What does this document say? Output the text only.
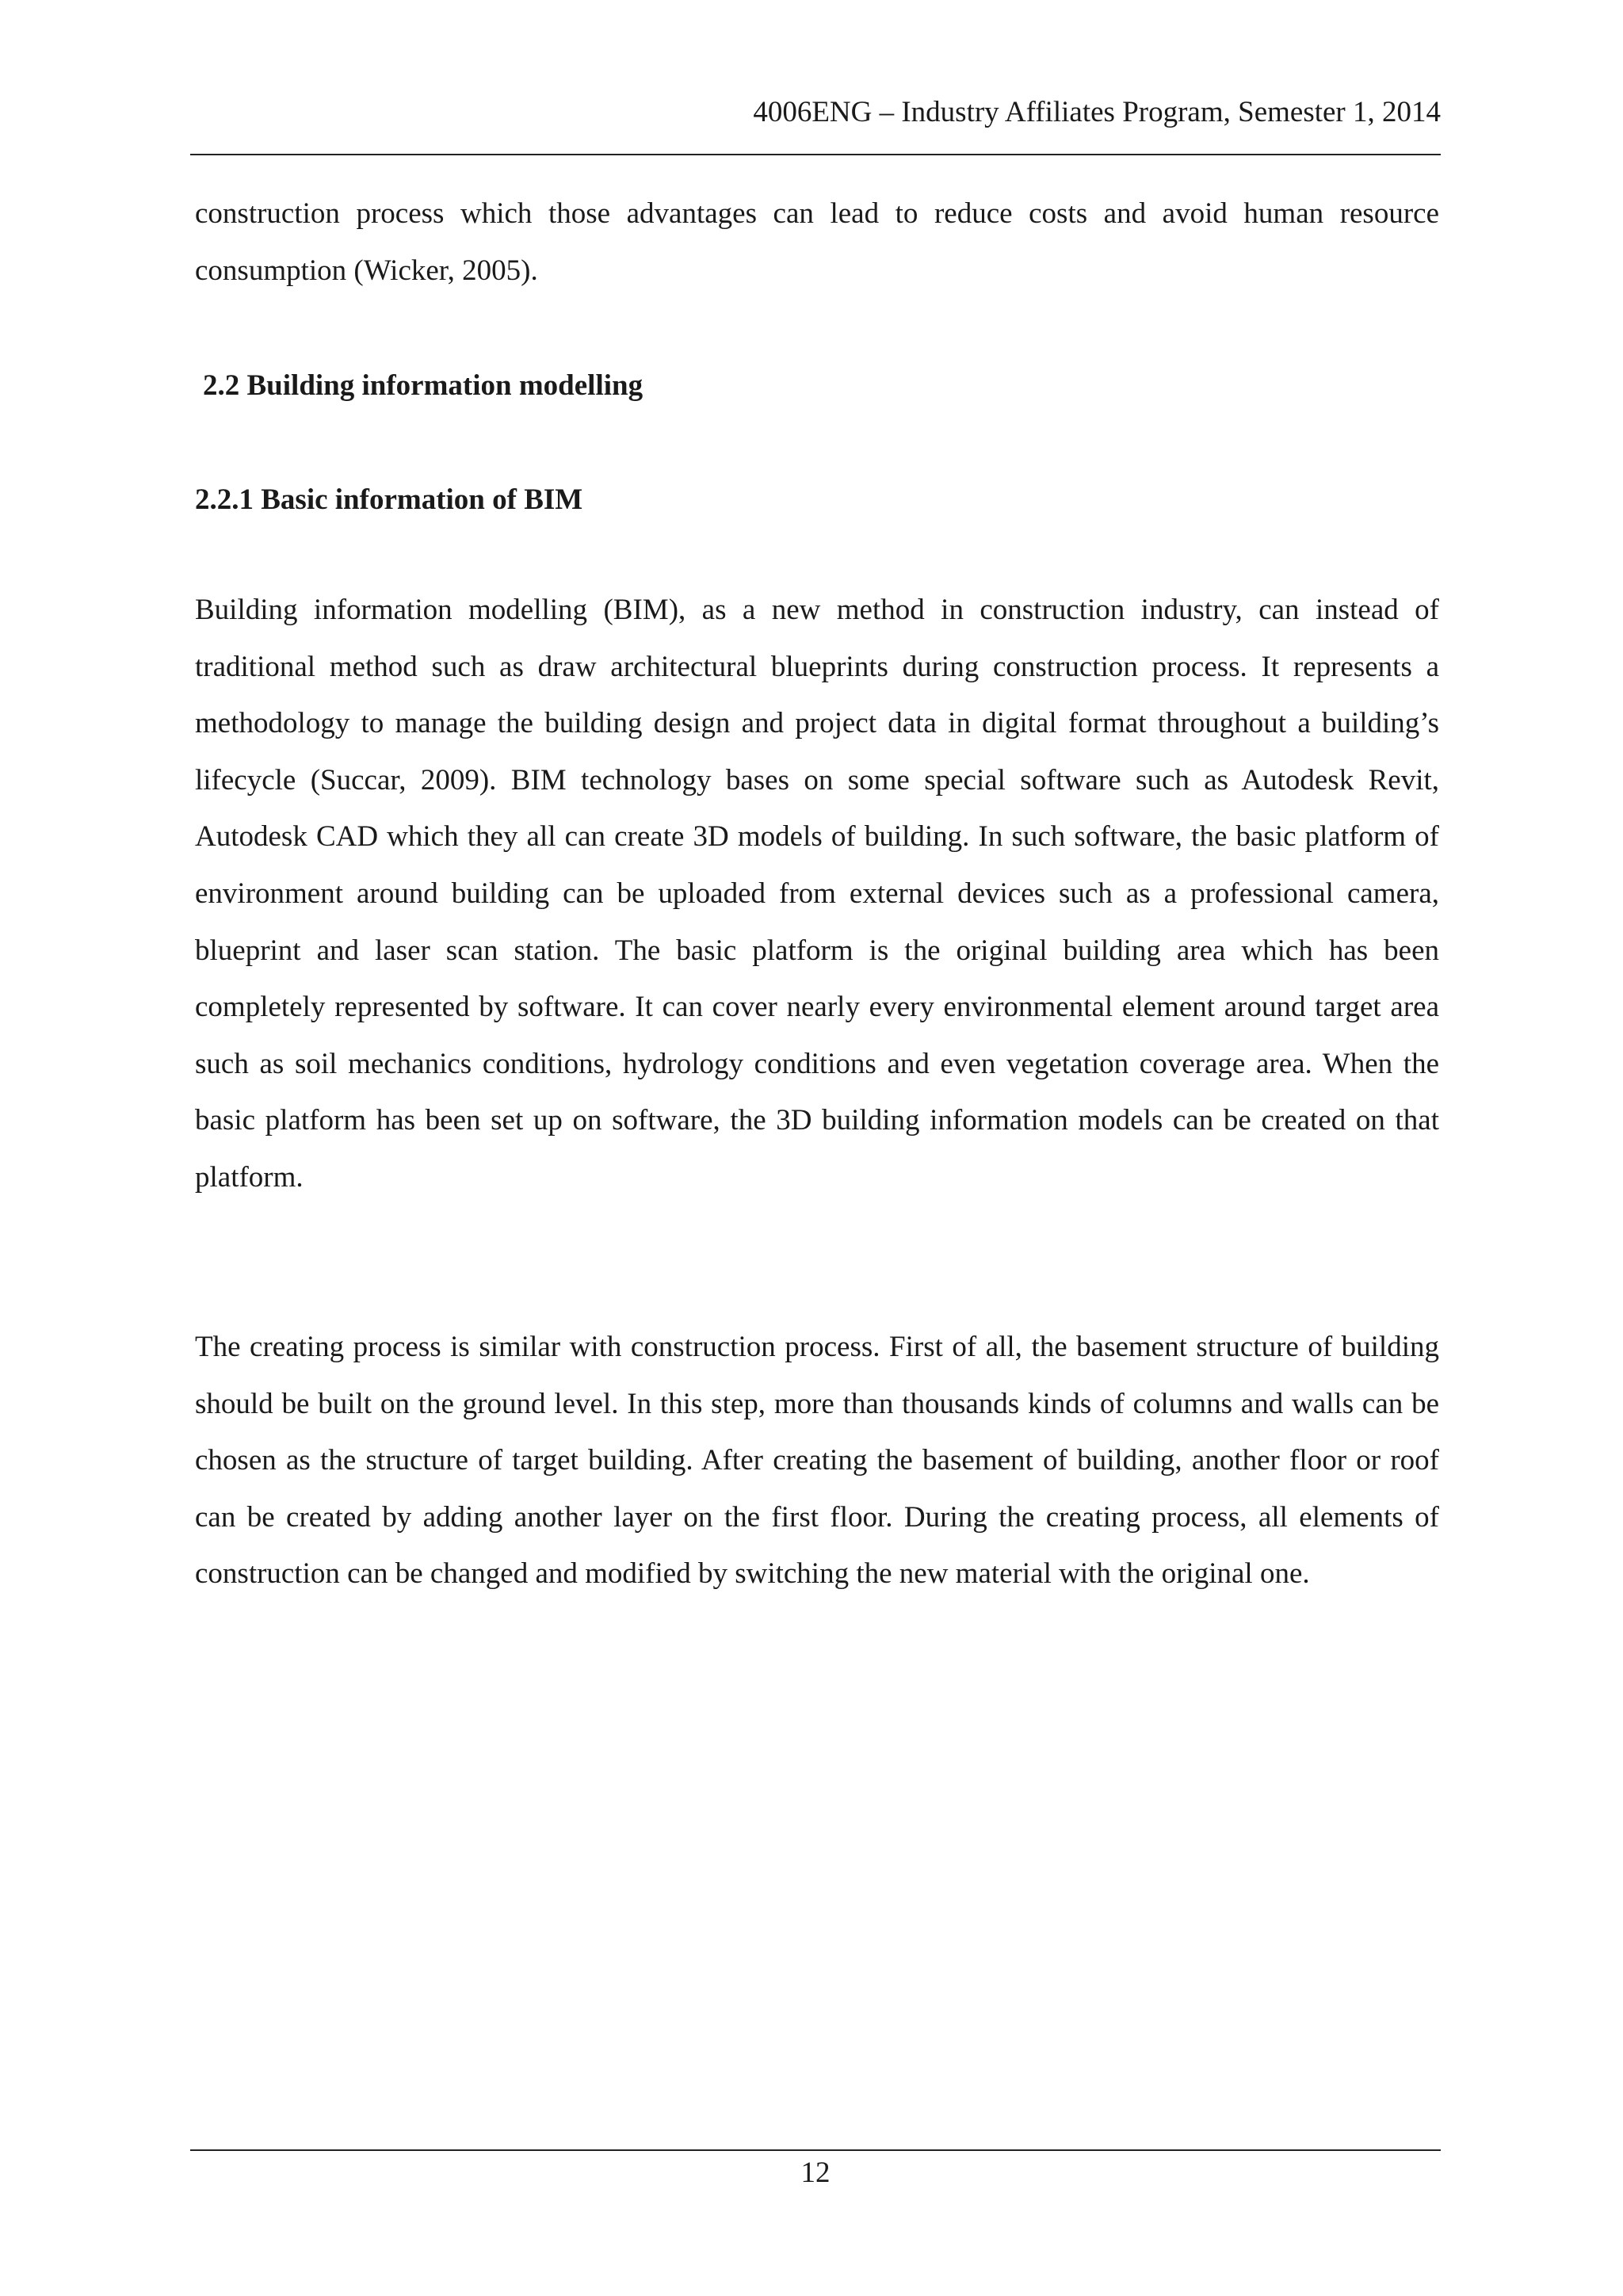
4006ENG – Industry Affiliates Program, Semester 1, 2014

construction process which those advantages can lead to reduce costs and avoid human resource consumption (Wicker, 2005).

2.2 Building information modelling
2.2.1 Basic information of BIM

Building information modelling (BIM), as a new method in construction industry, can instead of traditional method such as draw architectural blueprints during construction process. It represents a methodology to manage the building design and project data in digital format throughout a building’s lifecycle (Succar, 2009). BIM technology bases on some special software such as Autodesk Revit, Autodesk CAD which they all can create 3D models of building. In such software, the basic platform of environment around building can be uploaded from external devices such as a professional camera, blueprint and laser scan station. The basic platform is the original building area which has been completely represented by software. It can cover nearly every environmental element around target area such as soil mechanics conditions, hydrology conditions and even vegetation coverage area. When the basic platform has been set up on software, the 3D building information models can be created on that platform.

The creating process is similar with construction process. First of all, the basement structure of building should be built on the ground level. In this step, more than thousands kinds of columns and walls can be chosen as the structure of target building. After creating the basement of building, another floor or roof can be created by adding another layer on the first floor. During the creating process, all elements of construction can be changed and modified by switching the new material with the original one.

12
